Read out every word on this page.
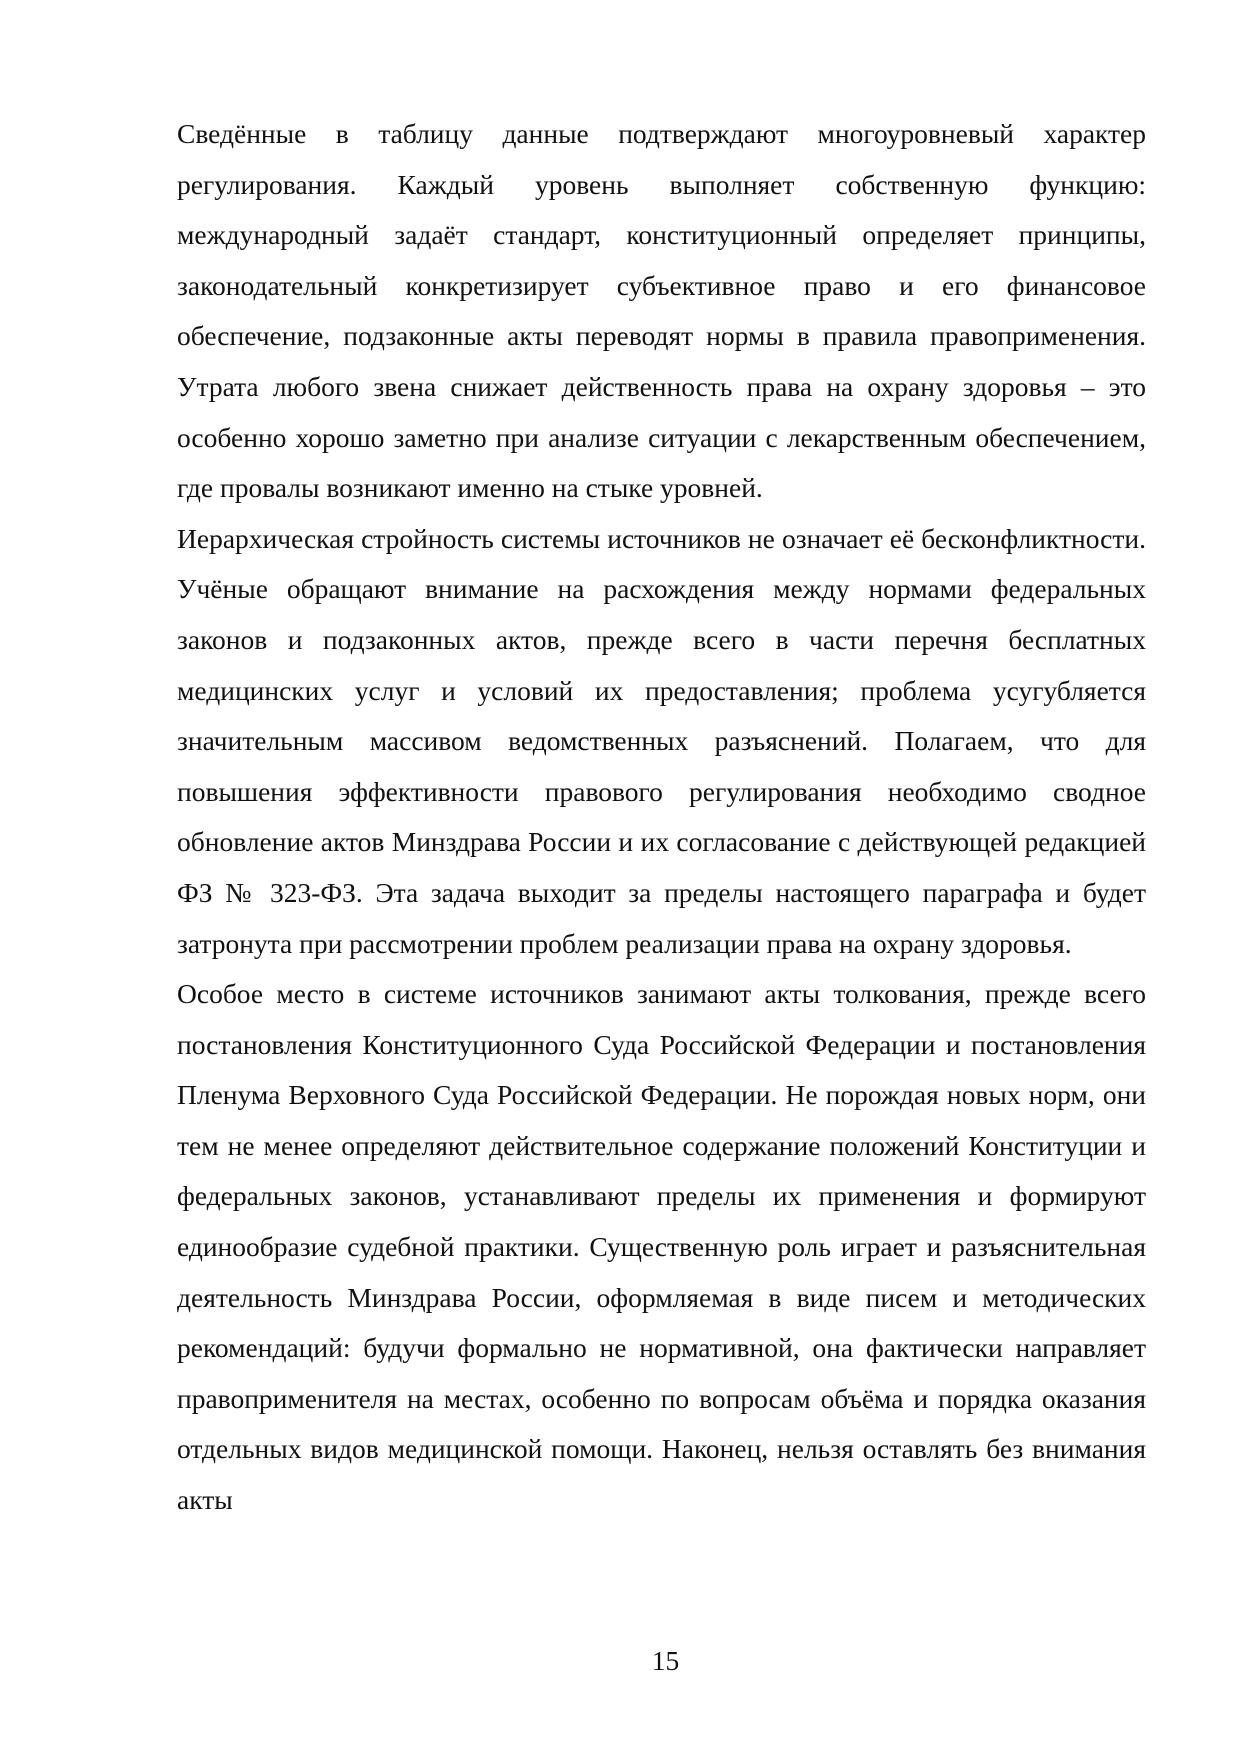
Сведённые в таблицу данные подтверждают многоуровневый характер регулирования. Каждый уровень выполняет собственную функцию: международный задаёт стандарт, конституционный определяет принципы, законодательный конкретизирует субъективное право и его финансовое обеспечение, подзаконные акты переводят нормы в правила правоприменения. Утрата любого звена снижает действенность права на охрану здоровья – это особенно хорошо заметно при анализе ситуации с лекарственным обеспечением, где провалы возникают именно на стыке уровней.

Иерархическая стройность системы источников не означает её бесконфликтности. Учёные обращают внимание на расхождения между нормами федеральных законов и подзаконных актов, прежде всего в части перечня бесплатных медицинских услуг и условий их предоставления; проблема усугубляется значительным массивом ведомственных разъяснений. Полагаем, что для повышения эффективности правового регулирования необходимо сводное обновление актов Минздрава России и их согласование с действующей редакцией ФЗ № 323-ФЗ. Эта задача выходит за пределы настоящего параграфа и будет затронута при рассмотрении проблем реализации права на охрану здоровья.

Особое место в системе источников занимают акты толкования, прежде всего постановления Конституционного Суда Российской Федерации и постановления Пленума Верховного Суда Российской Федерации. Не порождая новых норм, они тем не менее определяют действительное содержание положений Конституции и федеральных законов, устанавливают пределы их применения и формируют единообразие судебной практики. Существенную роль играет и разъяснительная деятельность Минздрава России, оформляемая в виде писем и методических рекомендаций: будучи формально не нормативной, она фактически направляет правоприменителя на местах, особенно по вопросам объёма и порядка оказания отдельных видов медицинской помощи. Наконец, нельзя оставлять без внимания акты

15
